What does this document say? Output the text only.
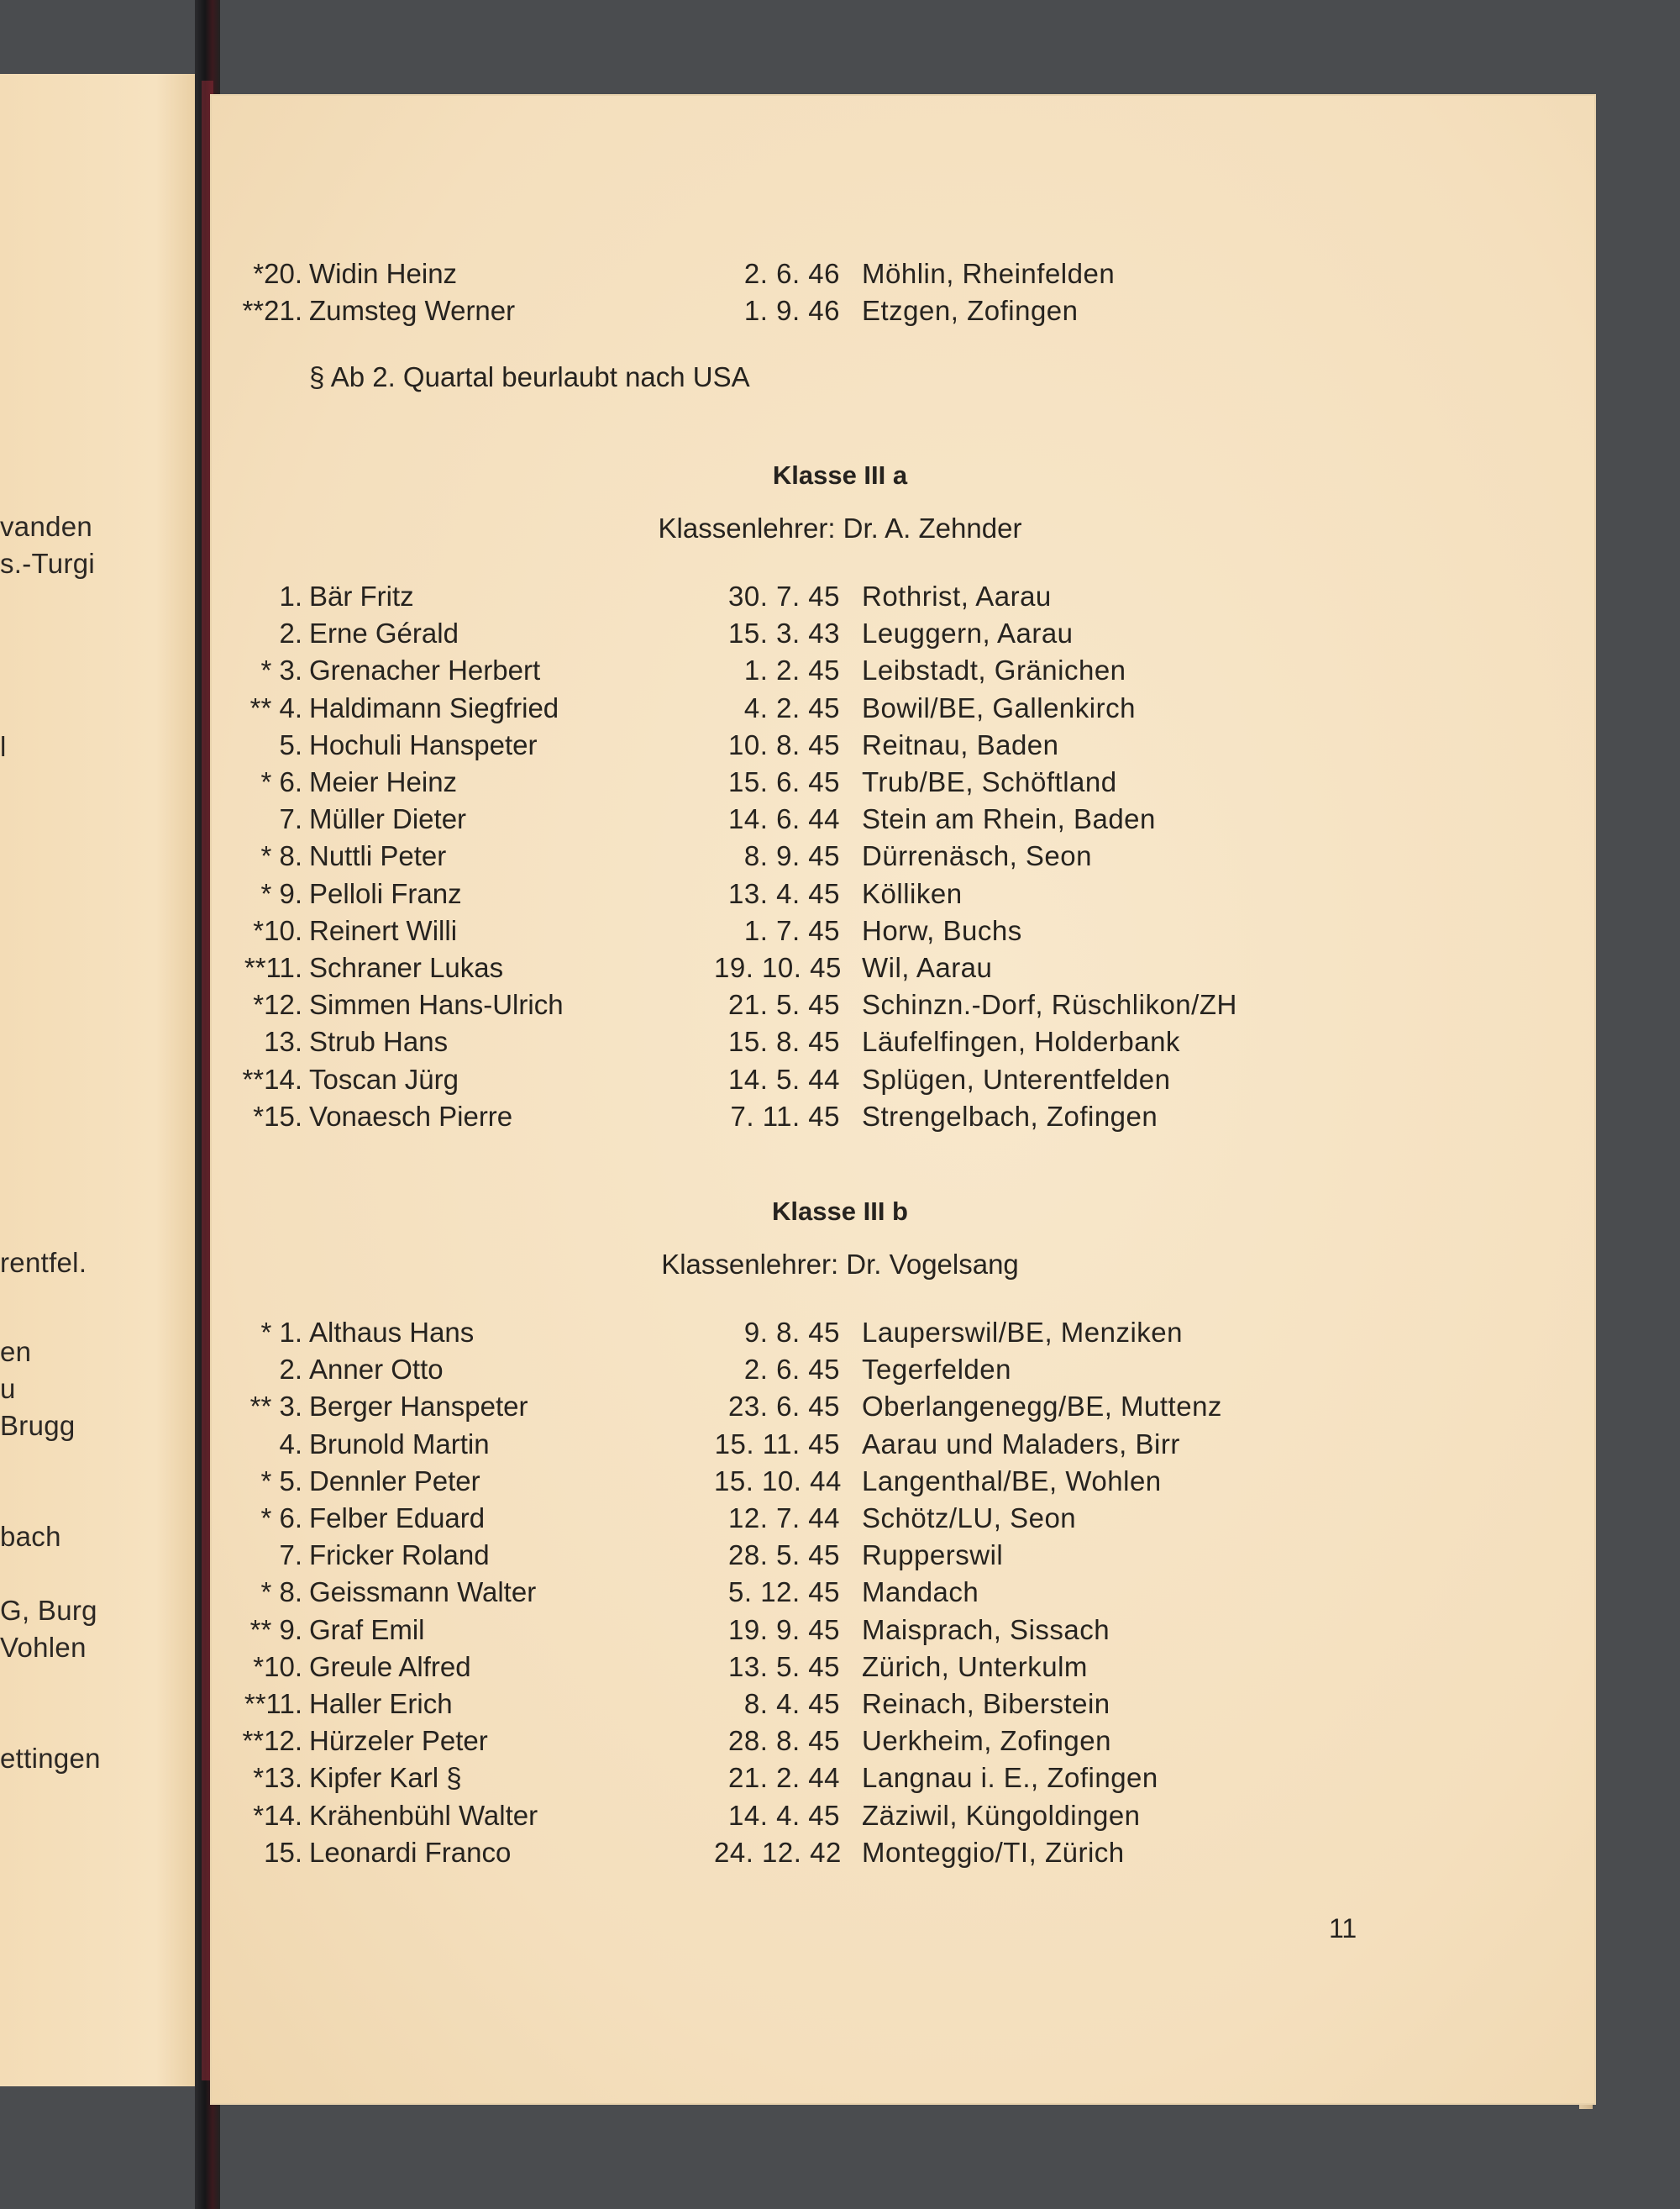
vanden

s.-Turgi

l

rentfel.

en

u

Brugg

bach

G, Burg

Vohlen

ettingen

*20. Widin Heinz	2. 6. 46 Möhlin, Rheinfelden
**21. Zumsteg Werner	1. 9. 46 Etzgen, Zofingen
§ Ab 2. Quartal beurlaubt nach USA
Klasse III a
Klassenlehrer: Dr. A. Zehnder
1. Bär Fritz	30. 7. 45 Rothrist, Aarau
2. Erne Gérald	15. 3. 43 Leuggern, Aarau
* 3. Grenacher Herbert	1. 2. 45 Leibstadt, Gränichen
** 4. Haldimann Siegfried	4. 2. 45 Bowil/BE, Gallenkirch
5. Hochuli Hanspeter	10. 8. 45 Reitnau, Baden
* 6. Meier Heinz	15. 6. 45 Trub/BE, Schöftland
7. Müller Dieter	14. 6. 44 Stein am Rhein, Baden
* 8. Nuttli Peter	8. 9. 45 Dürrenäsch, Seon
* 9. Pelloli Franz	13. 4. 45 Kölliken
*10. Reinert Willi	1. 7. 45 Horw, Buchs
**11. Schraner Lukas	19. 10. 45 Wil, Aarau
*12. Simmen Hans-Ulrich	21. 5. 45 Schinzn.-Dorf, Rüschlikon/ZH
13. Strub Hans	15. 8. 45 Läufelfingen, Holderbank
**14. Toscan Jürg	14. 5. 44 Splügen, Unterentfelden
*15. Vonaesch Pierre	7. 11. 45 Strengelbach, Zofingen
Klasse III b
Klassenlehrer: Dr. Vogelsang
* 1. Althaus Hans	9. 8. 45 Lauperswil/BE, Menziken
2. Anner Otto	2. 6. 45 Tegerfelden
** 3. Berger Hanspeter	23. 6. 45 Oberlangenegg/BE, Muttenz
4. Brunold Martin	15. 11. 45 Aarau und Maladers, Birr
* 5. Dennler Peter	15. 10. 44 Langenthal/BE, Wohlen
* 6. Felber Eduard	12. 7. 44 Schötz/LU, Seon
7. Fricker Roland	28. 5. 45 Rupperswil
* 8. Geissmann Walter	5. 12. 45 Mandach
** 9. Graf Emil	19. 9. 45 Maisprach, Sissach
*10. Greule Alfred	13. 5. 45 Zürich, Unterkulm
**11. Haller Erich	8. 4. 45 Reinach, Biberstein
**12. Hürzeler Peter	28. 8. 45 Uerkheim, Zofingen
*13. Kipfer Karl §	21. 2. 44 Langnau i. E., Zofingen
*14. Krähenbühl Walter	14. 4. 45 Zäziwil, Küngoldingen
15. Leonardi Franco	24. 12. 42 Monteggio/TI, Zürich
11
